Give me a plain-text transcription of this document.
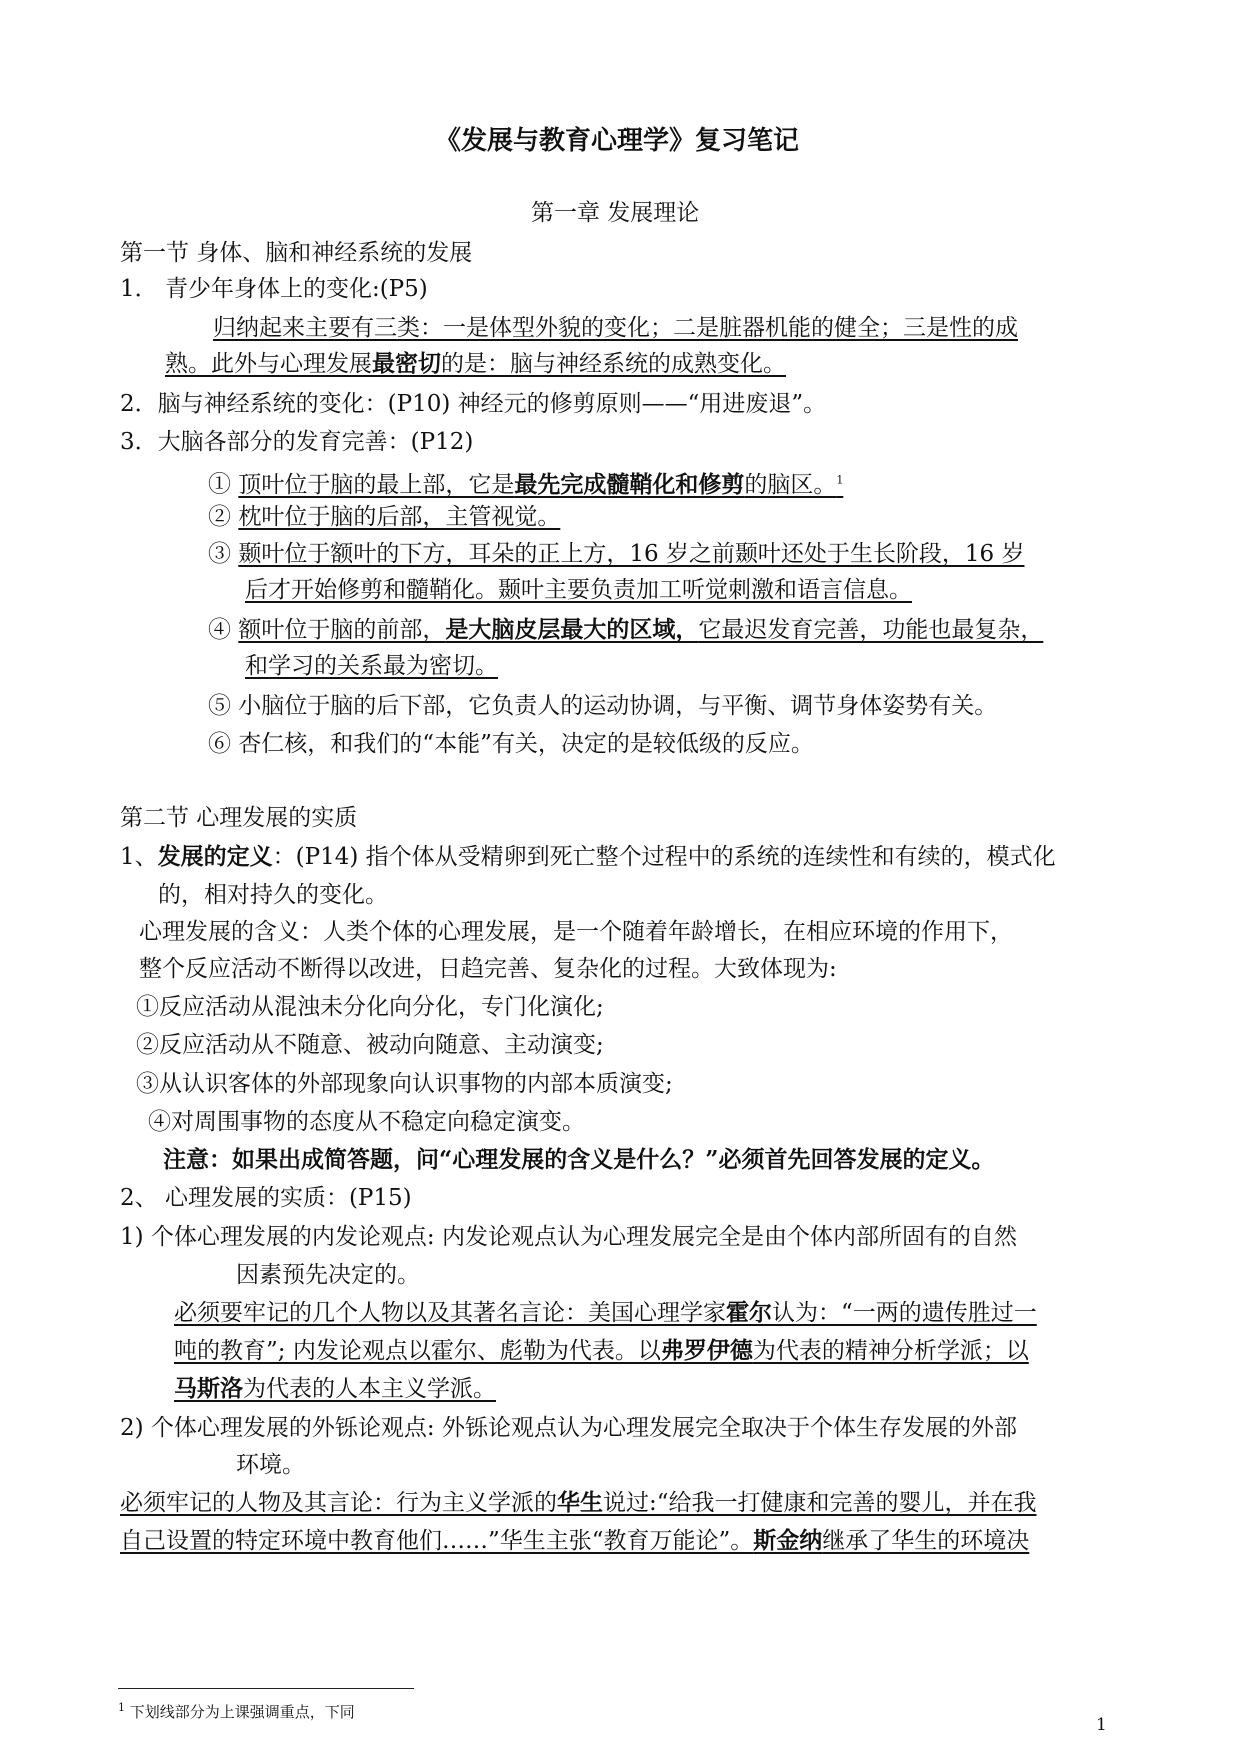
《发展与教育心理学》复习笔记
第一章 发展理论
第一节 身体、脑和神经系统的发展
1． 青少年身体上的变化:(P5)
归纳起来主要有三类：一是体型外貌的变化；二是脏器机能的健全；三是性的成
熟。此外与心理发展最密切的是：脑与神经系统的成熟变化。
2．脑与神经系统的变化：(P10) 神经元的修剪原则——“用进废退”。
3．大脑各部分的发育完善：(P12)
① 顶叶位于脑的最上部，它是最先完成髓鞘化和修剪的脑区。$^1$
② 枕叶位于脑的后部，主管视觉。
③ 颞叶位于额叶的下方，耳朵的正上方，16 岁之前颞叶还处于生长阶段，16 岁
后才开始修剪和髓鞘化。颞叶主要负责加工听觉刺激和语言信息。
④ 额叶位于脑的前部，是大脑皮层最大的区域，它最迟发育完善，功能也最复杂，
和学习的关系最为密切。
⑤ 小脑位于脑的后下部，它负责人的运动协调，与平衡、调节身体姿势有关。
⑥ 杏仁核，和我们的“本能”有关，决定的是较低级的反应。
第二节 心理发展的实质
1、发展的定义：(P14) 指个体从受精卵到死亡整个过程中的系统的连续性和有续的，模式化
的，相对持久的变化。
心理发展的含义：人类个体的心理发展，是一个随着年龄增长，在相应环境的作用下，
整个反应活动不断得以改进，日趋完善、复杂化的过程。大致体现为:
①反应活动从混浊未分化向分化，专门化演化;
②反应活动从不随意、被动向随意、主动演变;
③从认识客体的外部现象向认识事物的内部本质演变;
④对周围事物的态度从不稳定向稳定演变。
注意：如果出成简答题，问“心理发展的含义是什么？”必须首先回答发展的定义。
2、 心理发展的实质：(P15)
1) 个体心理发展的内发论观点: 内发论观点认为心理发展完全是由个体内部所固有的自然
因素预先决定的。
必须要牢记的几个人物以及其著名言论：美国心理学家霍尔认为：“一两的遗传胜过一
吨的教育”; 内发论观点以霍尔、彪勒为代表。以弗罗伊德为代表的精神分析学派；以
马斯洛为代表的人本主义学派。
2) 个体心理发展的外铄论观点: 外铄论观点认为心理发展完全取决于个体生存发展的外部
环境。
必须牢记的人物及其言论：行为主义学派的华生说过:“给我一打健康和完善的婴儿，并在我
自己设置的特定环境中教育他们……”华生主张“教育万能论”。斯金纳继承了华生的环境决
$^1$ 下划线部分为上课强调重点，下同
1
